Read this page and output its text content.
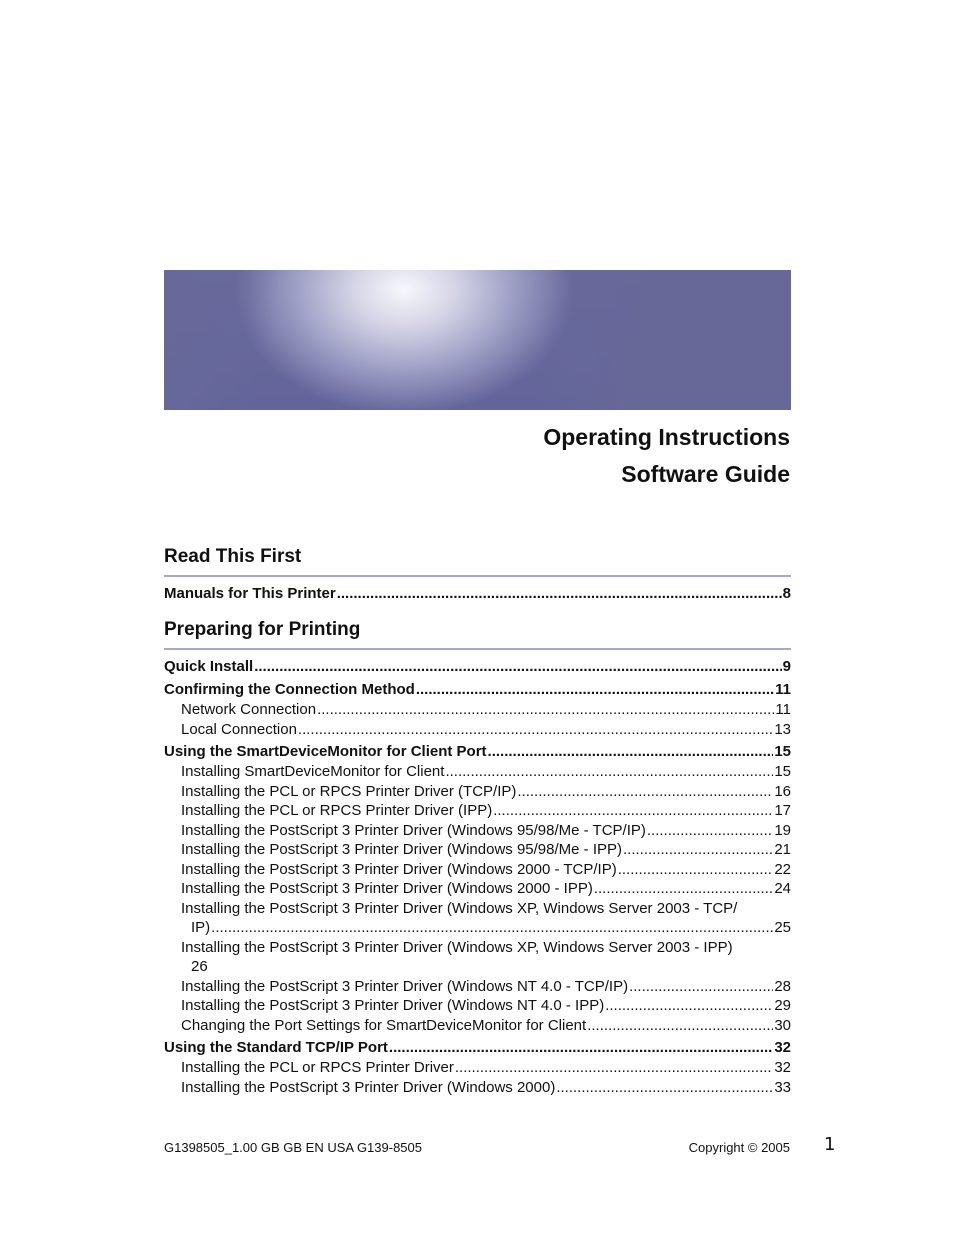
Operating Instructions
Software Guide
Read This First
Manuals for This Printer .....	8
Preparing for Printing
Quick Install .....	9
Confirming the Connection Method .....	11
Network Connection .....	11
Local Connection .....	13
Using the SmartDeviceMonitor for Client Port .....	15
Installing SmartDeviceMonitor for Client .....	15
Installing the PCL or RPCS Printer Driver (TCP/IP) .....	16
Installing the PCL or RPCS Printer Driver (IPP) .....	17
Installing the PostScript 3 Printer Driver (Windows 95/98/Me - TCP/IP) .....	19
Installing the PostScript 3 Printer Driver (Windows 95/98/Me - IPP) .....	21
Installing the PostScript 3 Printer Driver (Windows 2000 - TCP/IP) .....	22
Installing the PostScript 3 Printer Driver (Windows 2000 - IPP) .....	24
Installing the PostScript 3 Printer Driver (Windows XP, Windows Server 2003 - TCP/
IP) .....	25
Installing the PostScript 3 Printer Driver (Windows XP, Windows Server 2003 - IPP)
26
Installing the PostScript 3 Printer Driver (Windows NT 4.0 - TCP/IP) .....	28
Installing the PostScript 3 Printer Driver (Windows NT 4.0 - IPP) .....	29
Changing the Port Settings for SmartDeviceMonitor for Client .....	30
Using the Standard TCP/IP Port .....	32
Installing the PCL or RPCS Printer Driver .....	32
Installing the PostScript 3 Printer Driver (Windows 2000) .....	33
G1398505_1.00 GB GB EN USA G139-8505	Copyright © 2005 1
